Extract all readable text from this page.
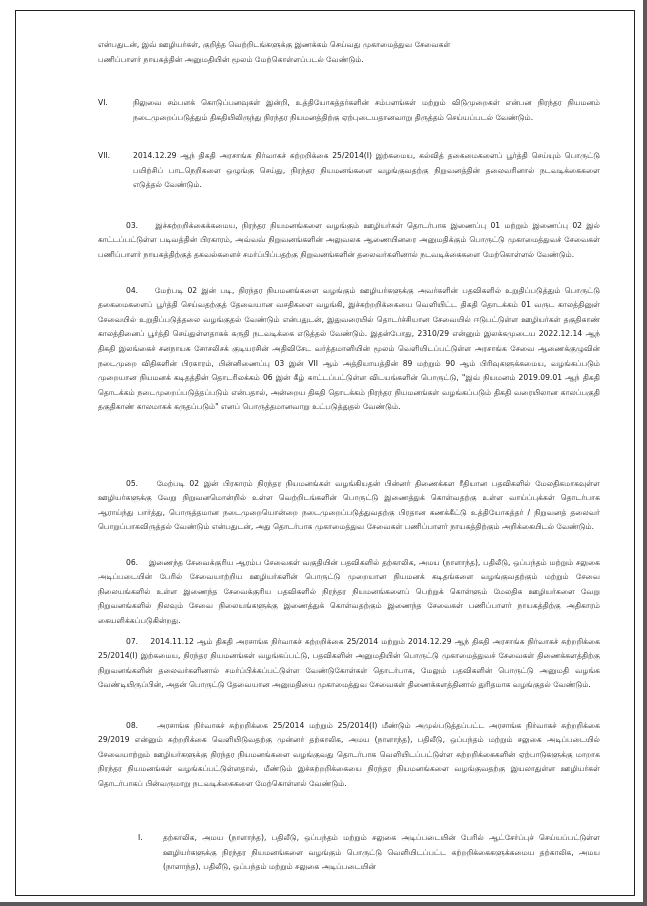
என்பதுடன், இவ் ஊழியர்கள், குறித்த வெற்றிடங்களுக்கு இணக்கம் செய்வது முகாமைத்துவ சேவைகள்

பணிப்பாளர் நாயகத்தின் அனுமதியின் மூலம் மேற்கொள்ளப்படல் வேண்டும்.

VI.	நிலுவை சம்பளக் கொடுப்பனவுகள் இன்றி, உத்தியோகத்தர்களின் சம்பளங்கள் மற்றும் விடுமுறைகள் என்பன நிரந்தர நியமனம் நடைமுறைப்படுத்தும் திகதியிலிருந்து நிரந்தர நியமனத்திற்கு ஏற்புடையதானவாறு திருத்தம் செய்யப்படல் வேண்டும்.
VII.	2014.12.29 ஆந் திகதி அரசாங்க நிர்வாகச் சுற்றறிக்கை 25/2014(I) இற்கமைய, கல்வித் தகைமைகளைப் பூர்த்தி செய்யும் பொருட்டு பயிற்சிப் பாடநெறிகளை ஒழுங்கு செய்து, நிரந்தர நியமனங்களை வழங்குவதற்கு நிறுவனத்தின் தலைவரினால் நடவடிக்கைகளை எடுத்தல் வேண்டும்.

03. இச்சுற்றறிக்கைக்கமைய, நிரந்தர நியமனங்களை வழங்கும் ஊழியர்கள் தொடர்பாக இணைப்பு 01 மற்றும் இணைப்பு 02 இல் காட்டப்பட்டுள்ள படிவத்தின் பிரகாரம், அவ்வவ் நிறுவனங்களின் அலுவலக ஆணையினரை அனுமதிக்கும் பொருட்டு முகாமைத்துவச் சேவைகள் பணிப்பாளர் நாயகத்திற்குத் தகவல்களைச் சமர்ப்பிப்பதற்கு நிறுவனங்களின் தலைவர்களினால் நடவடிக்கைகளை மேற்கொள்ளல் வேண்டும்.

04. மேற்படி 02 இன் படி, நிரந்தர நியமனங்களை வழங்கும் ஊழியர்களுக்கு அவர்களின் பதவிகளில் உறுதிப்படுத்தும் பொருட்டு தகைமைகளைப் பூர்த்தி செய்வதற்குத் தேவையான வசதிகளை வழங்கி, இச்சுற்றறிக்கையை வெளியிட்ட திகதி தொடக்கம் 01 வருட காலத்தினுள் சேவையில் உறுதிப்படுத்தலை வழங்குதல் வேண்டும் என்பதுடன், இதுவரையில் தொடர்ச்சியான சேவையில் ஈடுபட்டுள்ள ஊழியர்கள் தகுதிகாண் காலத்தினைப் பூர்த்தி செய்துள்ளதாகக் கருதி நடவடிக்கை எடுத்தல் வேண்டும். இதன்போது, 2310/29 என்னும் இலக்கமுடைய 2022.12.14 ஆந் திகதி இலங்கைச் சனநாயக சோசலிசக் குடியரசின் அதிவிசேட வர்த்தமானியின் மூலம் வெளியிடப்பட்டுள்ள அரசாங்க சேவை ஆணைக்குழுவின் நடைமுறை விதிகளின் பிரகாரம், பின்னிணைப்பு 03 இன் VII ஆம் அத்தியாயத்தின் 89 மற்றும் 90 ஆம் பிரிவுகளுக்கமைய, வழங்கப்படும் முறையான நியமனக் கடிதத்தின் தொடரிலக்கம் 06 இன் கீழ் காட்டப்பட்டுள்ள விடயங்களின் பொருட்டு, "இவ் நியமனம் 2019.09.01 ஆந் திகதி தொடக்கம் நடைமுறைப்படுத்தப்படும் என்பதால், அன்றைய திகதி தொடக்கம் நிரந்தர நியமனங்கள் வழங்கப்படும் திகதி வரையிலான காலப்பகுதி தகுதிகாண் காலமாகக் கருதப்படும்" எனப் பொருத்தமானவாறு உட்படுத்துதல் வேண்டும்.

05. மேற்படி 02 இன் பிரகாரம் நிரந்தர நியமனங்கள் வழங்கியதன் பின்னர் திணைக்கள ரீதியான பதவிகளில் மேலதிகமாகவுள்ள ஊழியர்களுக்கு வேறு நிறுவனமொன்றில் உள்ள வெற்றிடங்களின் பொருட்டு இணைத்துக் கொள்வதற்கு உள்ள வாய்ப்புக்கள் தொடர்பாக ஆராய்ந்து பார்த்து, பொருத்தமான நடைமுறையொன்றை நடைமுறைப்படுத்துவதற்கு பிரதான கணக்கீட்டு உத்தியோகத்தர் / நிறுவனத் தலைவர் பொறுப்பாகவிருத்தல் வேண்டும் என்பதுடன், அது தொடர்பாக முகாமைத்துவ சேவைகள் பணிப்பாளர் நாயகத்திற்கும் அறிக்கையிடல் வேண்டும்.

06. இணைந்த சேவைக்குரிய ஆரம்ப சேவைகள் வகுதியின் பதவிகளில் தற்காலிக, அமய (நாளாந்த), பதிலீடு, ஒப்பந்தம் மற்றும் சலுகை அடிப்படையின் பேரில் சேவையாற்றிய ஊழியர்களின் பொருட்டு முறையான நியமனக் கடிதங்களை வழங்குவதற்கும் மற்றும் சேவை நிலையங்களில் உள்ள இணைந்த சேவைக்குரிய பதவிகளில் நிரந்தர நியமனங்களைப் பெற்றுக் கொள்ளும் மேலதிக ஊழியர்களை வேறு நிறுவனங்களில் நிலவும் சேவை நிலையங்களுக்கு இணைத்துக் கொள்வதற்கும் இணைந்த சேவைகள் பணிப்பாளர் நாயகத்திற்கு அதிகாரம் கையளிக்கப்படுகின்றது.

07. 2014.11.12 ஆம் திகதி அரசாங்க நிர்வாகச் சுற்றறிக்கை 25/2014 மற்றும் 2014.12.29 ஆந் திகதி அரசாங்க நிர்வாகச் சுற்றறிக்கை 25/2014(I) இற்கமைய, நிரந்தர நியமனங்கள் வழங்கப்பட்டு, பதவிகளின் அனுமதியின் பொருட்டு முகாமைத்துவச் சேவைகள் திணைக்களத்திற்கு நிறுவனங்களின் தலைவர்களினால் சமர்ப்பிக்கப்பட்டுள்ள வேண்டுகோள்கள் தொடர்பாக, மேலும் பதவிகளின் பொருட்டு அனுமதி வழங்க வேண்டியிருப்பின், அதன் பொருட்டு தேவையான அனுமதியை முகாமைத்துவ சேவைகள் திணைக்களத்தினால் துரிதமாக வழங்குதல் வேண்டும்.

08.	அரசாங்க நிர்வாகச் சுற்றறிக்கை 25/2014 மற்றும் 25/2014(I) மீண்டும் அமுல்படுத்தப்பட்ட அரசாங்க நிர்வாகச் சுற்றறிக்கை 29/2019 என்னும் சுற்றறிக்கை வெளியிடுவதற்கு முன்னர் தற்காலிக, அமய (நாளாந்த), பதிலீடு, ஒப்பந்தம் மற்றும் சலுகை அடிப்படையில் சேவையாற்றும் ஊழியர்களுக்கு நிரந்தர நியமனங்களை வழங்குவது தொடர்பாக வெளியிடப்பட்டுள்ள சுற்றறிக்கைகளின் ஏற்பாடுகளுக்கு மாறாக நிரந்தர நியமனங்கள் வழங்கப்பட்டுள்ளதால், மீண்டும் இச்சுற்றறிக்கையை நிரந்தர நியமனங்களை வழங்குவதற்கு இயலாதுள்ள ஊழியர்கள் தொடர்பாகப் பின்வருமாறு நடவடிக்கைகளை மேற்கொள்ளல் வேண்டும்.

I.	தற்காலிக, அமய (நாளாந்த), பதிலீடு, ஒப்பந்தம் மற்றும் சலுகை அடிப்படையின் பேரில் ஆட்சேர்ப்புச் செய்யப்பட்டுள்ள ஊழியர்களுக்கு நிரந்தர நியமனங்களை வழங்கும் பொருட்டு வெளியிடப்பட்ட சுற்றறிக்கைகளுக்கமைய தற்காலிக, அமய (நாளாந்த), பதிலீடு, ஒப்பந்தம் மற்றும் சலுகை அடிப்படையின்
